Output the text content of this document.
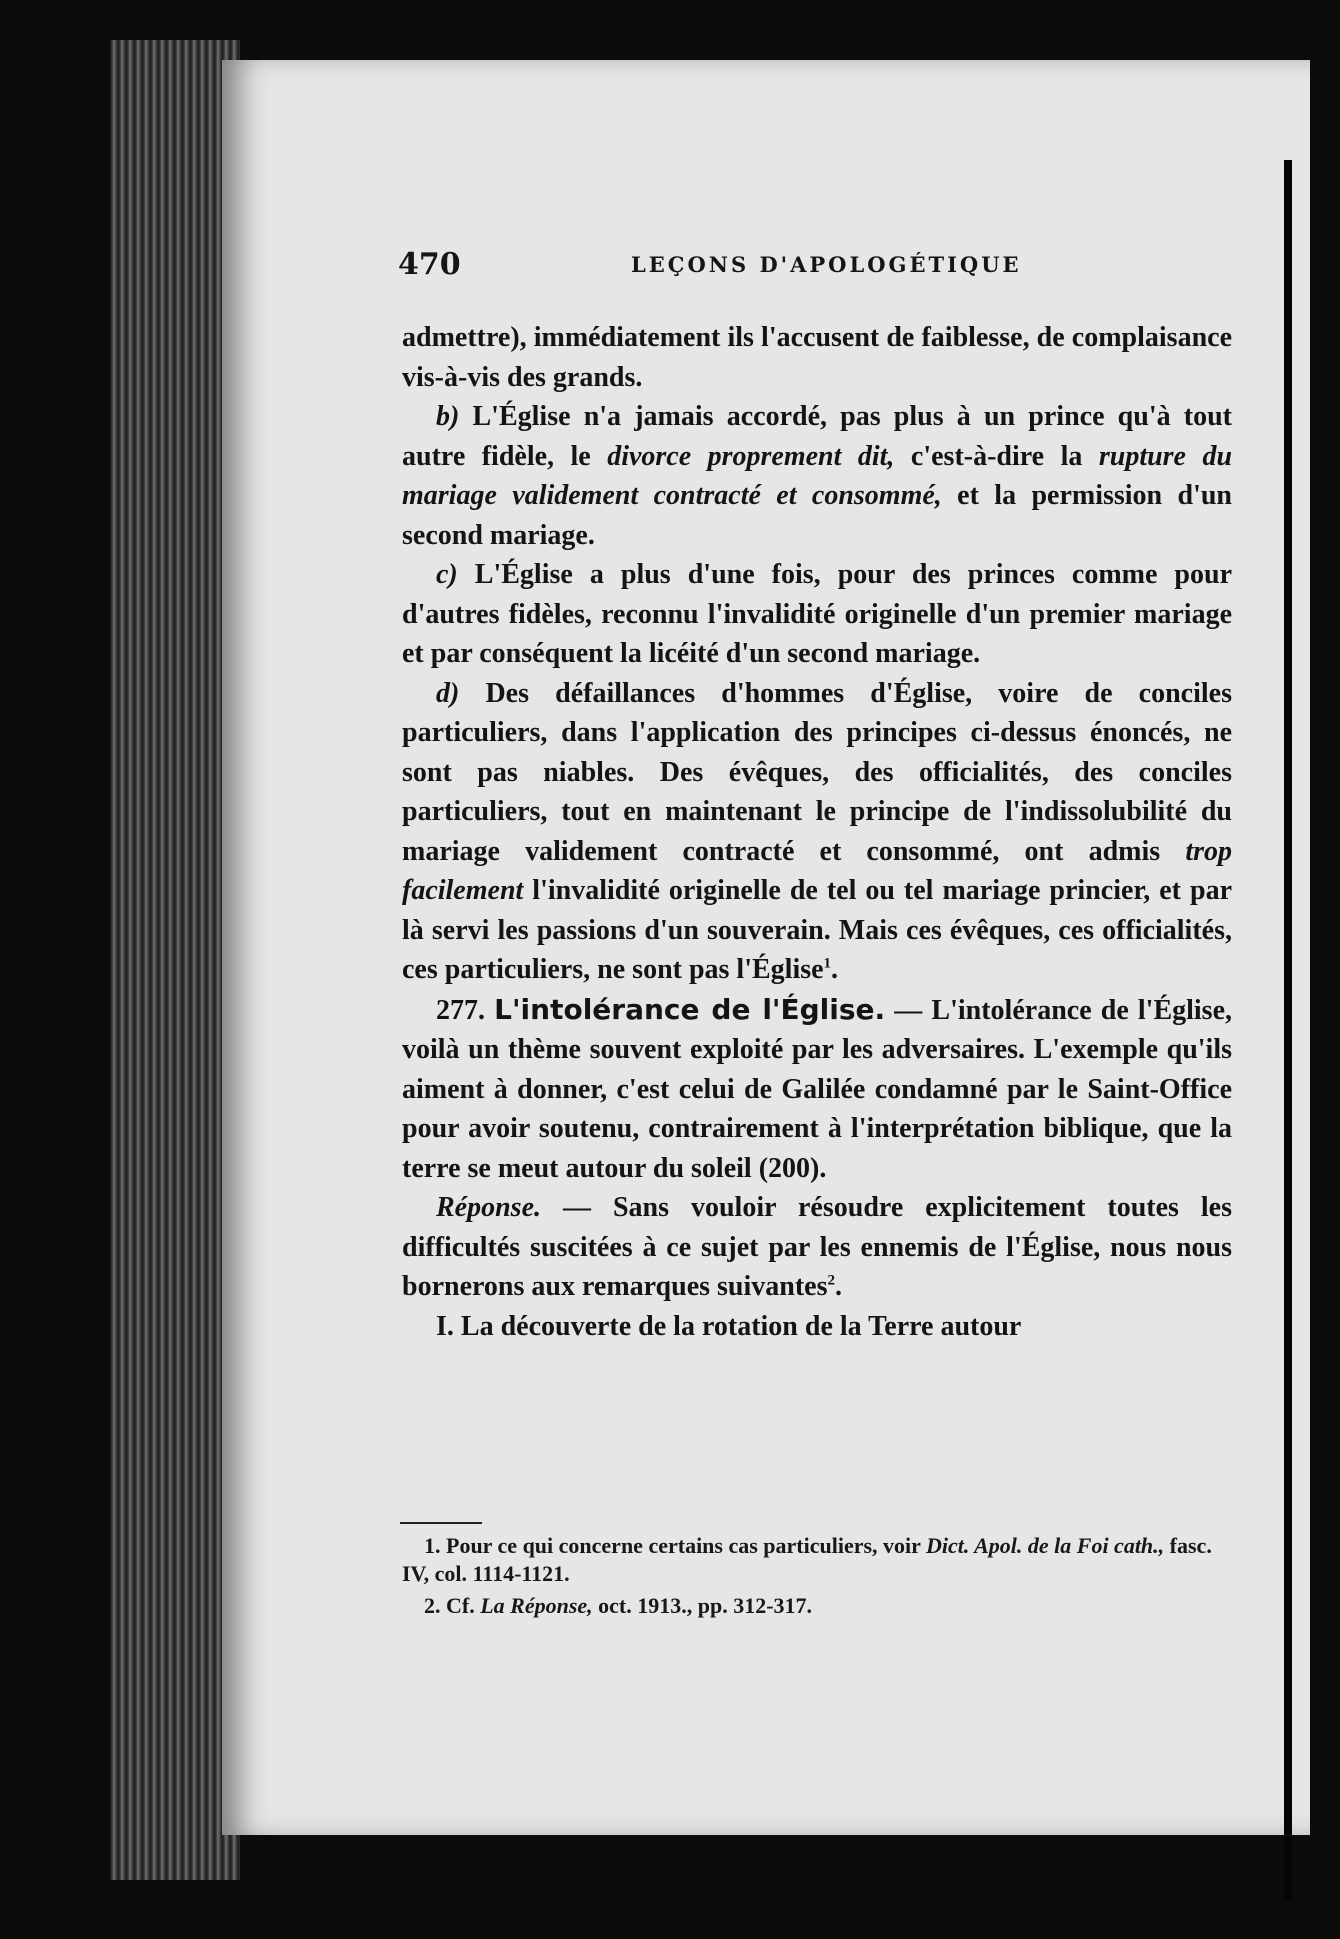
470	LEÇONS D'APOLOGÉTIQUE

admettre), immédiatement ils l'accusent de faiblesse, de complaisance vis-à-vis des grands.

b) L'Église n'a jamais accordé, pas plus à un prince qu'à tout autre fidèle, le divorce proprement dit, c'est-à-dire la rupture du mariage validement contracté et consommé, et la permission d'un second mariage.

c) L'Église a plus d'une fois, pour des princes comme pour d'autres fidèles, reconnu l'invalidité originelle d'un premier mariage et par conséquent la licéité d'un second mariage.

d) Des défaillances d'hommes d'Église, voire de conciles particuliers, dans l'application des principes ci-dessus énoncés, ne sont pas niables. Des évêques, des officialités, des conciles particuliers, tout en maintenant le principe de l'indissolubilité du mariage validement contracté et consommé, ont admis trop facilement l'invalidité originelle de tel ou tel mariage princier, et par là servi les passions d'un souverain. Mais ces évêques, ces officialités, ces particuliers, ne sont pas l'Église$^1$.

277. L'intolérance de l'Église. — L'intolérance de l'Église, voilà un thème souvent exploité par les adversaires. L'exemple qu'ils aiment à donner, c'est celui de Galilée condamné par le Saint-Office pour avoir soutenu, contrairement à l'interprétation biblique, que la terre se meut autour du soleil (200).

Réponse. — Sans vouloir résoudre explicitement toutes les difficultés suscitées à ce sujet par les ennemis de l'Église, nous nous bornerons aux remarques suivantes$^2$.

I. La découverte de la rotation de la Terre autour

1. Pour ce qui concerne certains cas particuliers, voir Dict. Apol. de la Foi cath., fasc. IV, col. 1114-1121.

2. Cf. La Réponse, oct. 1913., pp. 312-317.
